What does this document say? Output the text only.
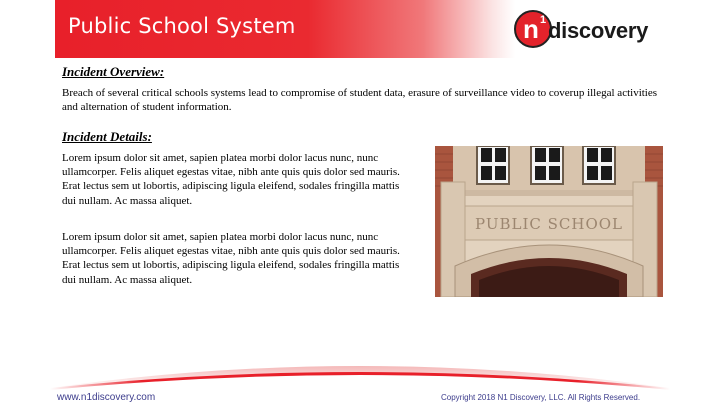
Public School System	n 1 discovery
Incident Overview:
Breach of several critical schools systems lead to compromise of student data, erasure of surveillance video to coverup illegal activities and alternation of student information.
Incident Details:
Lorem ipsum dolor sit amet, sapien platea morbi dolor lacus nunc, nunc ullamcorper. Felis aliquet egestas vitae, nibh ante quis quis dolor sed mauris. Erat lectus sem ut lobortis, adipiscing ligula eleifend, sodales fringilla mattis dui nullam. Ac massa aliquet.
Lorem ipsum dolor sit amet, sapien platea morbi dolor lacus nunc, nunc ullamcorper. Felis aliquet egestas vitae, nibh ante quis quis dolor sed mauris. Erat lectus sem ut lobortis, adipiscing ligula eleifend, sodales fringilla mattis dui nullam. Ac massa aliquet.
PUBLIC SCHOOL
www.n1discovery.com	Copyright 2018 N1 Discovery, LLC. All Rights Reserved.
